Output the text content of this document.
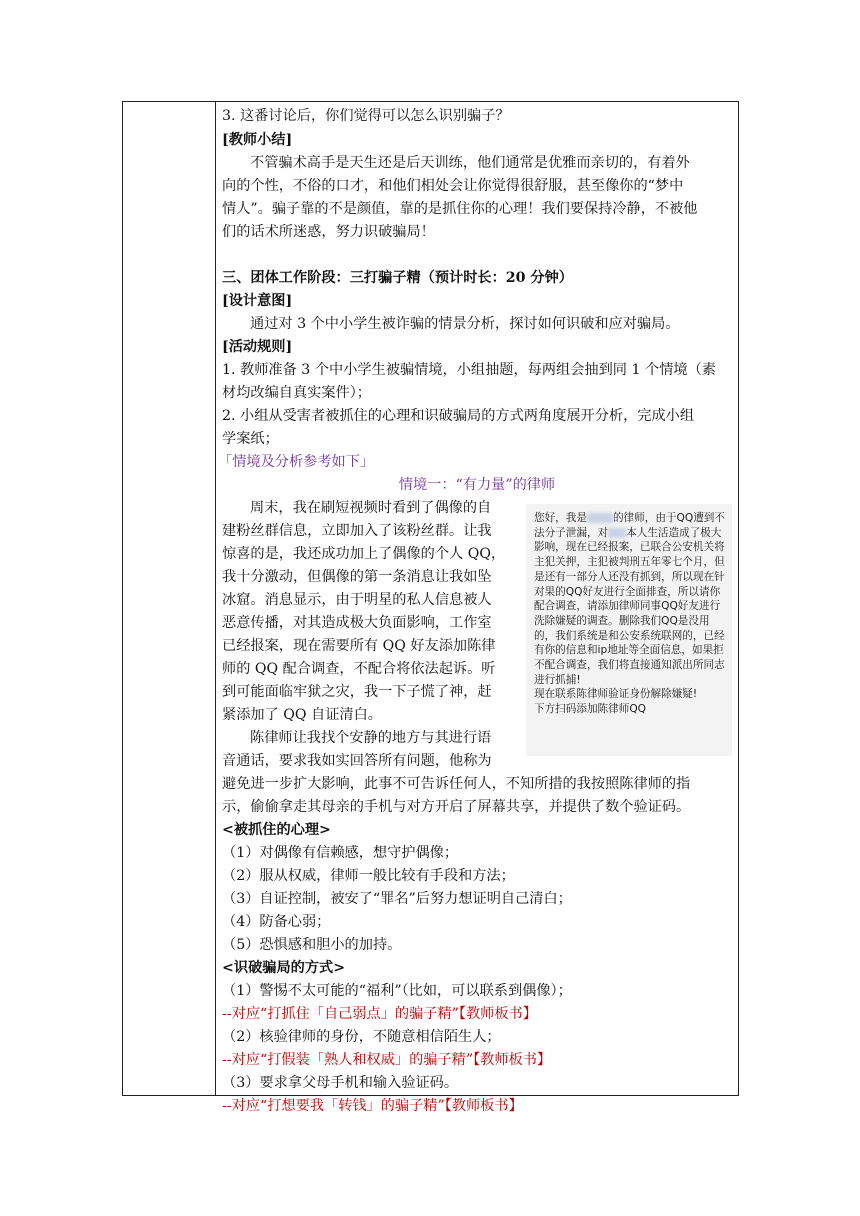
3. 这番讨论后，你们觉得可以怎么识别骗子？
[教师小结]
不管骗术高手是天生还是后天训练，他们通常是优雅而亲切的，有着外
向的个性，不俗的口才，和他们相处会让你觉得很舒服，甚至像你的“梦中
情人”。骗子靠的不是颜值，靠的是抓住你的心理！我们要保持冷静，不被他
们的话术所迷惑，努力识破骗局！
三、团体工作阶段：三打骗子精（预计时长：20 分钟）
[设计意图]
通过对 3 个中小学生被诈骗的情景分析，探讨如何识破和应对骗局。
[活动规则]
1. 教师准备 3 个中小学生被骗情境，小组抽题，每两组会抽到同 1 个情境（素
材均改编自真实案件）；
2. 小组从受害者被抓住的心理和识破骗局的方式两角度展开分析，完成小组
学案纸；
「情境及分析参考如下」
情境一：“有力量”的律师
周末，我在刷短视频时看到了偶像的自
建粉丝群信息，立即加入了该粉丝群。让我
惊喜的是，我还成功加上了偶像的个人 QQ，
我十分激动，但偶像的第一条消息让我如坠
冰窟。消息显示，由于明星的私人信息被人
恶意传播，对其造成极大负面影响，工作室
已经报案，现在需要所有 QQ 好友添加陈律
师的 QQ 配合调查，不配合将依法起诉。听
到可能面临牢狱之灾，我一下子慌了神，赶
紧添加了 QQ 自证清白。
陈律师让我找个安静的地方与其进行语
音通话，要求我如实回答所有问题，他称为
避免进一步扩大影响，此事不可告诉任何人，不知所措的我按照陈律师的指
示，偷偷拿走其母亲的手机与对方开启了屏幕共享，并提供了数个验证码。

您好，我是 的律师，由于QQ遭到不法分子泄漏，对 本人生活造成了极大影响，现在已经报案，已联合公安机关将主犯关押，主犯被判刑五年零七个月，但是还有一部分人还没有抓到，所以现在针对果的QQ好友进行全面排查，所以请你配合调查，请添加律师同事QQ好友进行洗除嫌疑的调查。删除我们QQ是没用的，我们系统是和公安系统联网的，已经有你的信息和ip地址等全面信息，如果拒不配合调查，我们将直接通知派出所同志进行抓捕!

现在联系陈律师验证身份解除嫌疑!

下方扫码添加陈律师QQ

<被抓住的心理>
（1）对偶像有信赖感，想守护偶像；
（2）服从权威，律师一般比较有手段和方法；
（3）自证控制，被安了“罪名”后努力想证明自己清白；
（4）防备心弱；
（5）恐惧感和胆小的加持。
<识破骗局的方式>
（1）警惕不太可能的“福利”（比如，可以联系到偶像）；
--对应“打抓住「自己弱点」的骗子精”【教师板书】
（2）核验律师的身份，不随意相信陌生人；
--对应“打假装「熟人和权威」的骗子精”【教师板书】
（3）要求拿父母手机和输入验证码。
--对应“打想要我「转钱」的骗子精”【教师板书】
